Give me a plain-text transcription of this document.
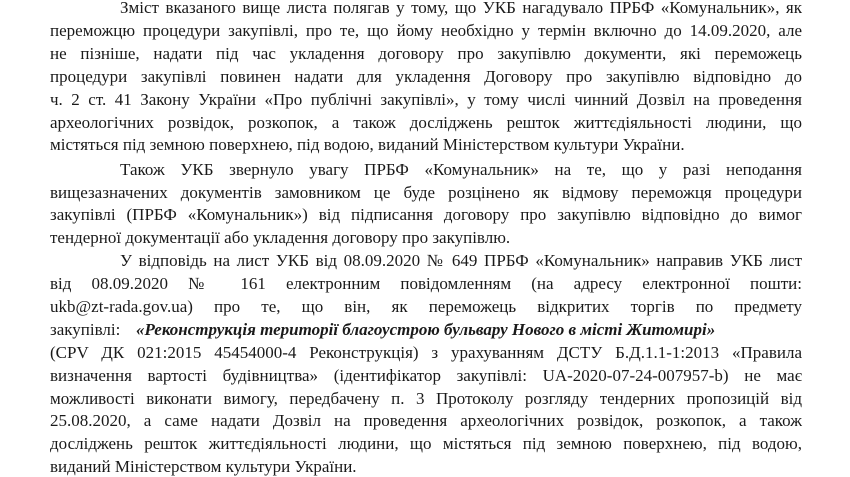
Зміст вказаного вище листа полягав у тому, що УКБ нагадувало ПРБФ «Комунальник», як
переможцю процедури закупівлі, про те, що йому необхідно у термін включно до 14.09.2020, але
не пізніше, надати під час укладення договору про закупівлю документи, які переможець
процедури закупівлі повинен надати для укладення Договору про закупівлю відповідно до
ч. 2 ст. 41 Закону України «Про публічні закупівлі», у тому числі чинний Дозвіл на проведення
археологічних розвідок, розкопок, а також досліджень решток життєдіяльності людини, що
містяться під земною поверхнею, під водою, виданий Міністерством культури України.
Також УКБ звернуло увагу ПРБФ «Комунальник» на те, що у разі неподання
вищезазначених документів замовником це буде розцінено як відмову переможця процедури
закупівлі (ПРБФ «Комунальник») від підписання договору про закупівлю відповідно до вимог
тендерної документації або укладення договору про закупівлю.
У відповідь на лист УКБ від 08.09.2020 № 649 ПРБФ «Комунальник» направив УКБ лист
від 08.09.2020 № 161 електронним повідомленням (на адресу електронної пошти:
ukb@zt-rada.gov.ua) про те, що він, як переможець відкритих торгів по предмету
закупівлі: «Реконструкція території благоустрою бульвару Нового в місті Житомирі»
(CPV ДК 021:2015 45454000-4 Реконструкція) з урахуванням ДСТУ Б.Д.1.1-1:2013 «Правила
визначення вартості будівництва» (ідентифікатор закупівлі: UA-2020-07-24-007957-b) не має
можливості виконати вимогу, передбачену п. 3 Протоколу розгляду тендерних пропозицій від
25.08.2020, а саме надати Дозвіл на проведення археологічних розвідок, розкопок, а також
досліджень решток життєдіяльності людини, що містяться під земною поверхнею, під водою,
виданий Міністерством культури України.
